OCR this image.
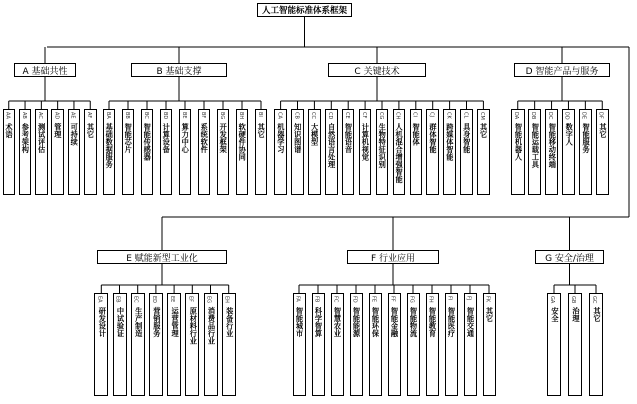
人工智能标准体系框架
A 基础共性
AA
术语
AB
参考架构
AC
测试评估
AD
管理
AE
可持续
AF
其它
B 基础支撑
BA
基础数据服务
BB
智能芯片
BC
智能传感器
BD
计算设备
BE
算力中心
BF
系统软件
BG
开发框架
BH
软硬件协同
BI
其它
C 关键技术
CA
机器学习
CB
知识图谱
CC
大模型
CD
自然语言处理
CE
智能语音
CF
计算机视觉
CG
生物特征识别
CH
人机混合增强智能
CI
智能体
CJ
群体智能
CK
跨媒体智能
CL
具身智能
CM
其它
D 智能产品与服务
DA
智能机器人
DB
智能运载工具
DC
智能移动终端
DD
数字人
DE
智能服务
DF
其它
E 赋能新型工业化
EA
研发设计
EB
中试验证
EC
生产制造
ED
营销服务
EE
运营管理
EF
原材料行业
EG
消费品行业
EH
装备行业
F 行业应用
FA
智能城市
FB
科学智算
FC
智慧农业
FD
智能能源
FE
智能环保
FF
智能金融
FG
智能物流
FH
智能教育
FI
智能医疗
FJ
智能交通
FK
其它
G 安全/治理
GA
安全
GB
治理
GC
其它
